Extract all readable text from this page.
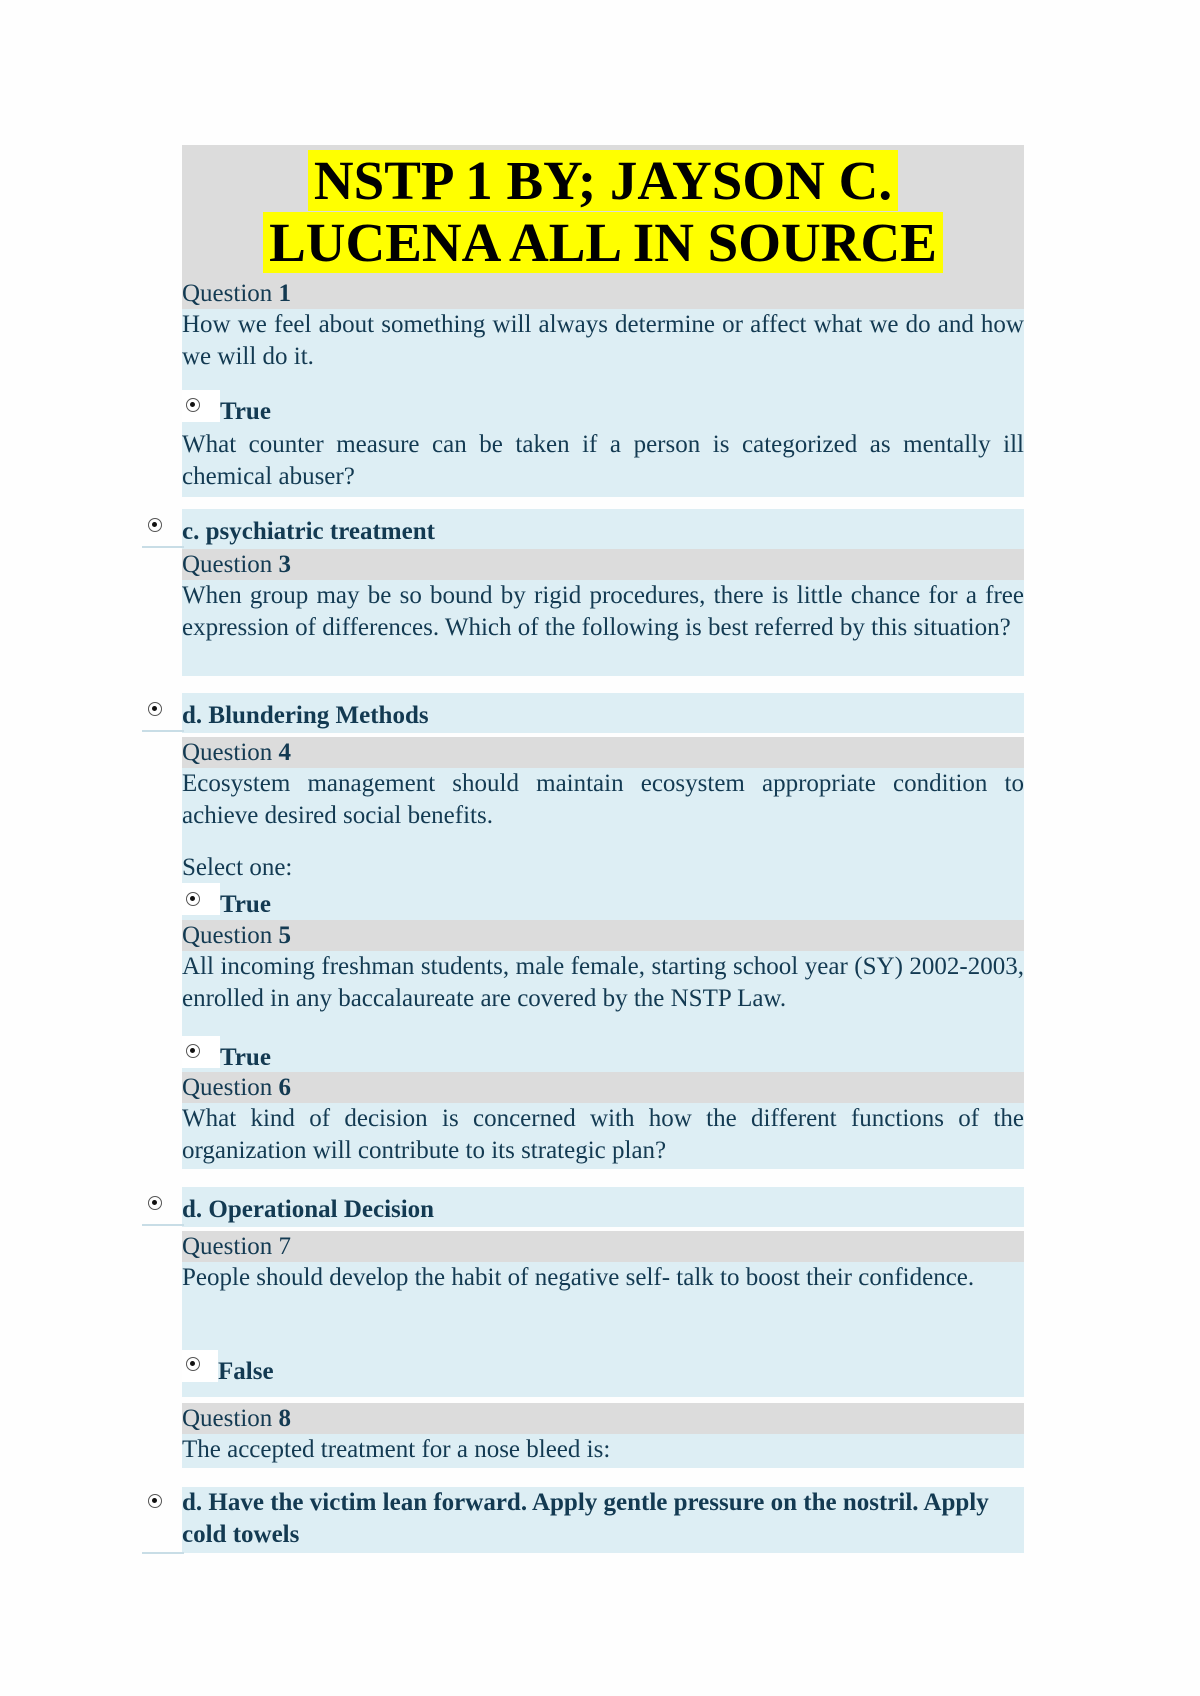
NSTP 1 BY; JAYSON C.
LUCENA ALL IN SOURCE
Question 1
How we feel about something will always determine or affect what we do and how we will do it.
True
What counter measure can be taken if a person is categorized as mentally ill chemical abuser?
c. psychiatric treatment
Question 3
When group may be so bound by rigid procedures, there is little chance for a free expression of differences. Which of the following is best referred by this situation?
d. Blundering Methods
Question 4
Ecosystem management should maintain ecosystem appropriate condition to achieve desired social benefits.
Select one:
True
Question 5
All incoming freshman students, male female, starting school year (SY) 2002-2003, enrolled in any baccalaureate are covered by the NSTP Law.
True
Question 6
What kind of decision is concerned with how the different functions of the organization will contribute to its strategic plan?
d. Operational Decision
Question 7
People should develop the habit of negative self- talk to boost their confidence.
False
Question 8
The accepted treatment for a nose bleed is:
d. Have the victim lean forward. Apply gentle pressure on the nostril. Apply cold towels
